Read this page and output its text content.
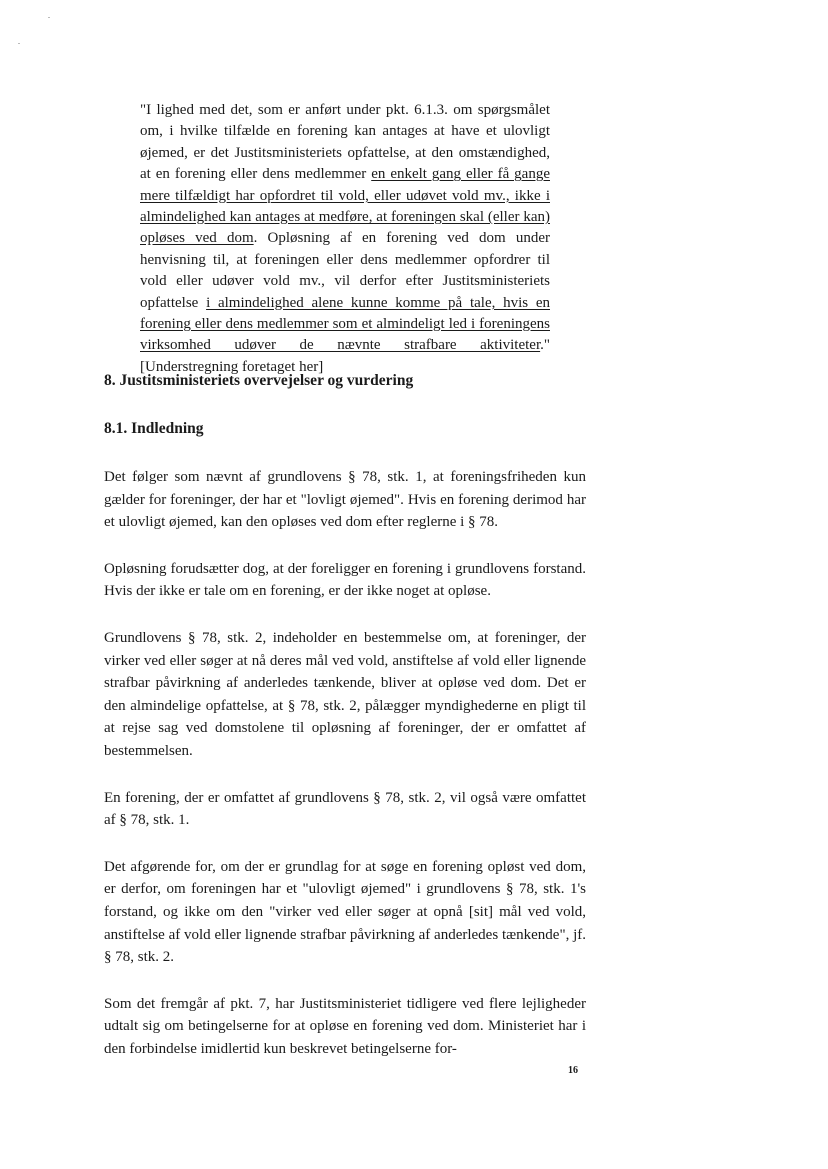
"I lighed med det, som er anført under pkt. 6.1.3. om spørgsmålet om, i hvilke tilfælde en forening kan antages at have et ulovligt øjemed, er det Justitsministeriets opfattelse, at den omstændighed, at en forening eller dens medlemmer en enkelt gang eller få gange mere tilfældigt har opfordret til vold, eller udøvet vold mv., ikke i almindelighed kan antages at medføre, at foreningen skal (eller kan) opløses ved dom. Opløsning af en forening ved dom under henvisning til, at foreningen eller dens medlemmer opfordrer til vold eller udøver vold mv., vil derfor efter Justitsministeriets opfattelse i almindelighed alene kunne komme på tale, hvis en forening eller dens medlemmer som et almindeligt led i foreningens virksomhed udøver de nævnte strafbare aktiviteter." [Understregning foretaget her]
8. Justitsministeriets overvejelser og vurdering
8.1. Indledning

Det følger som nævnt af grundlovens § 78, stk. 1, at foreningsfriheden kun gælder for foreninger, der har et "lovligt øjemed". Hvis en forening derimod har et ulovligt øjemed, kan den opløses ved dom efter reglerne i § 78.

Opløsning forudsætter dog, at der foreligger en forening i grundlovens forstand. Hvis der ikke er tale om en forening, er der ikke noget at opløse.

Grundlovens § 78, stk. 2, indeholder en bestemmelse om, at foreninger, der virker ved eller søger at nå deres mål ved vold, anstiftelse af vold eller lignende strafbar påvirkning af anderledes tænkende, bliver at opløse ved dom. Det er den almindelige opfattelse, at § 78, stk. 2, pålægger myndighederne en pligt til at rejse sag ved domstolene til opløsning af foreninger, der er omfattet af bestemmelsen.

En forening, der er omfattet af grundlovens § 78, stk. 2, vil også være omfattet af § 78, stk. 1.

Det afgørende for, om der er grundlag for at søge en forening opløst ved dom, er derfor, om foreningen har et "ulovligt øjemed" i grundlovens § 78, stk. 1's forstand, og ikke om den "virker ved eller søger at opnå [sit] mål ved vold, anstiftelse af vold eller lignende strafbar påvirkning af anderledes tænkende", jf. § 78, stk. 2.

Som det fremgår af pkt. 7, har Justitsministeriet tidligere ved flere lejligheder udtalt sig om betingelserne for at opløse en forening ved dom. Ministeriet har i den forbindelse imidlertid kun beskrevet betingelserne for-

16
